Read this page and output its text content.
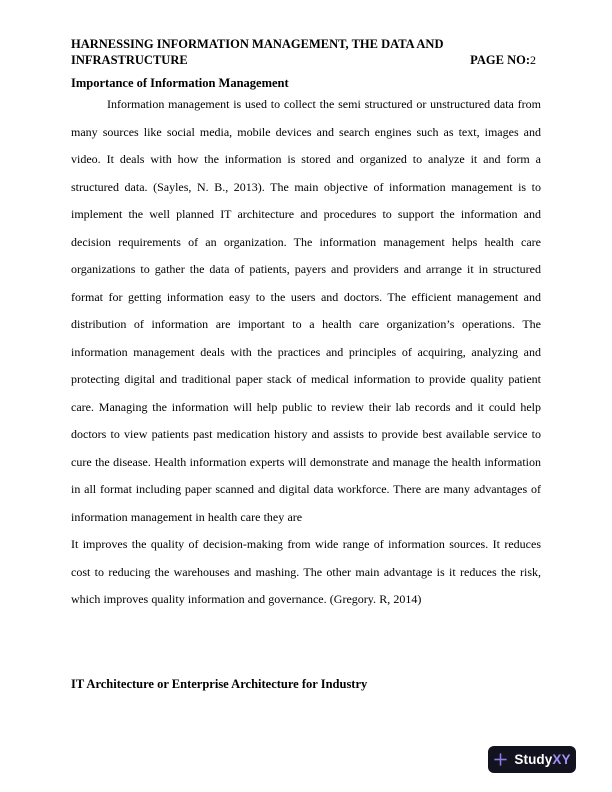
HARNESSING INFORMATION MANAGEMENT, THE DATA AND
INFRASTRUCTURE	PAGE NO:2
Importance of Information Management

Information management is used to collect the semi structured or unstructured data from many sources like social media, mobile devices and search engines such as text, images and video. It deals with how the information is stored and organized to analyze it and form a structured data. (Sayles, N. B., 2013). The main objective of information management is to implement the well planned IT architecture and procedures to support the information and decision requirements of an organization. The information management helps health care organizations to gather the data of patients, payers and providers and arrange it in structured format for getting information easy to the users and doctors. The efficient management and distribution of information are important to a health care organization’s operations. The information management deals with the practices and principles of acquiring, analyzing and protecting digital and traditional paper stack of medical information to provide quality patient care. Managing the information will help public to review their lab records and it could help doctors to view patients past medication history and assists to provide best available service to cure the disease. Health information experts will demonstrate and manage the health information in all format including paper scanned and digital data workforce. There are many advantages of information management in health care they are

It improves the quality of decision-making from wide range of information sources. It reduces cost to reducing the warehouses and mashing. The other main advantage is it reduces the risk, which improves quality information and governance. (Gregory. R, 2014)

IT Architecture or Enterprise Architecture for Industry
StudyXY
